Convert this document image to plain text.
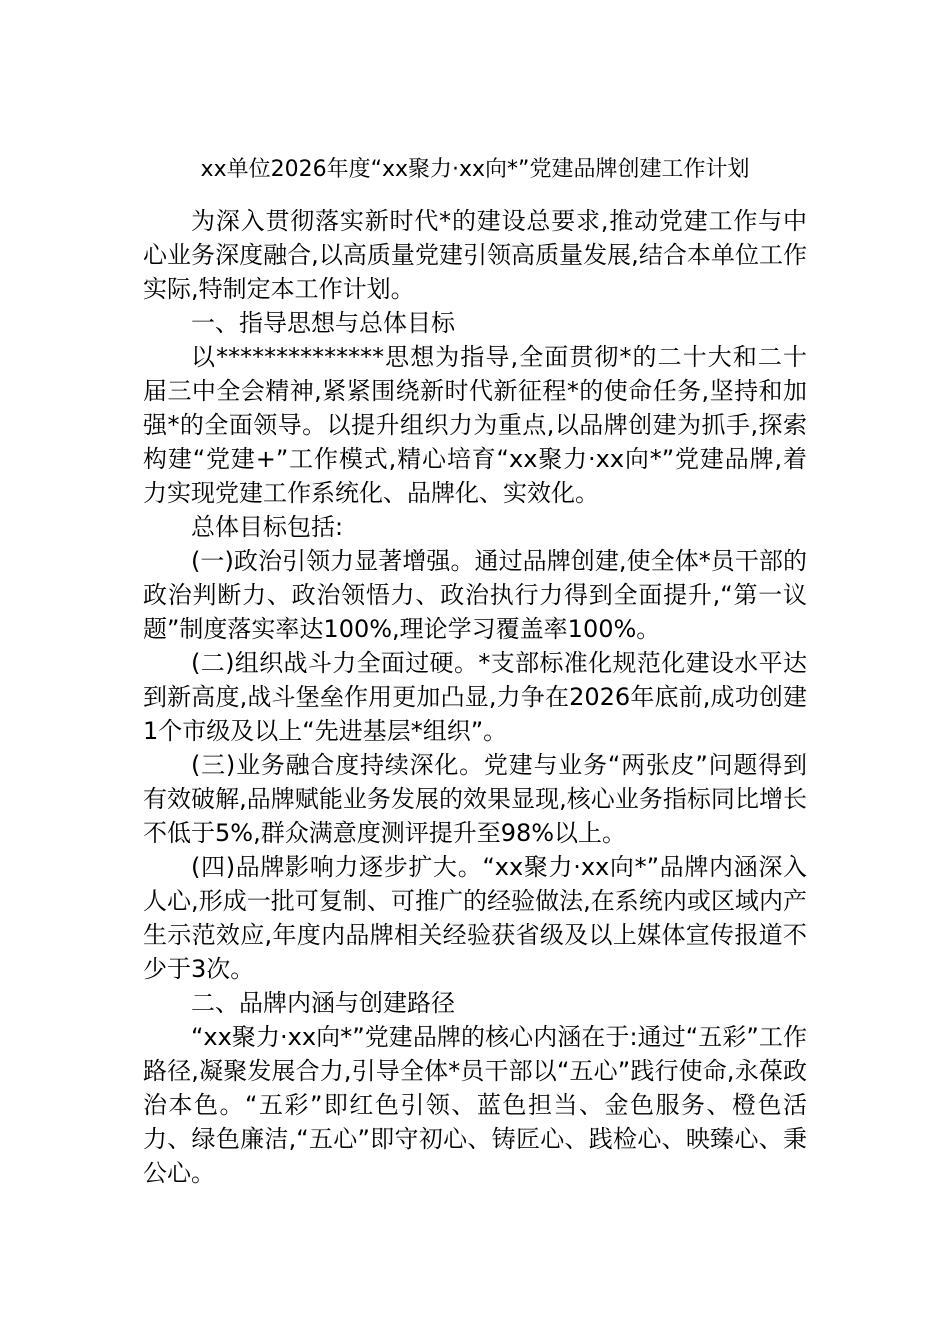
xx单位2026年度“xx聚力·xx向*”党建品牌创建工作计划

为深入贯彻落实新时代*的建设总要求,推动党建工作与中心业务深度融合,以高质量党建引领高质量发展,结合本单位工作实际,特制定本工作计划。

一、指导思想与总体目标

以**************思想为指导,全面贯彻*的二十大和二十届三中全会精神,紧紧围绕新时代新征程*的使命任务,坚持和加强*的全面领导。以提升组织力为重点,以品牌创建为抓手,探索构建“党建+”工作模式,精心培育“xx聚力·xx向*”党建品牌,着力实现党建工作系统化、品牌化、实效化。

总体目标包括:

(一)政治引领力显著增强。通过品牌创建,使全体*员干部的政治判断力、政治领悟力、政治执行力得到全面提升,“第一议题”制度落实率达100%,理论学习覆盖率100%。

(二)组织战斗力全面过硬。*支部标准化规范化建设水平达到新高度,战斗堡垒作用更加凸显,力争在2026年底前,成功创建1个市级及以上“先进基层*组织”。

(三)业务融合度持续深化。党建与业务“两张皮”问题得到有效破解,品牌赋能业务发展的效果显现,核心业务指标同比增长不低于5%,群众满意度测评提升至98%以上。

(四)品牌影响力逐步扩大。“xx聚力·xx向*”品牌内涵深入人心,形成一批可复制、可推广的经验做法,在系统内或区域内产生示范效应,年度内品牌相关经验获省级及以上媒体宣传报道不少于3次。

二、品牌内涵与创建路径

“xx聚力·xx向*”党建品牌的核心内涵在于:通过“五彩”工作路径,凝聚发展合力,引导全体*员干部以“五心”践行使命,永葆政治本色。“五彩”即红色引领、蓝色担当、金色服务、橙色活力、绿色廉洁,“五心”即守初心、铸匠心、践检心、映臻心、秉公心。
